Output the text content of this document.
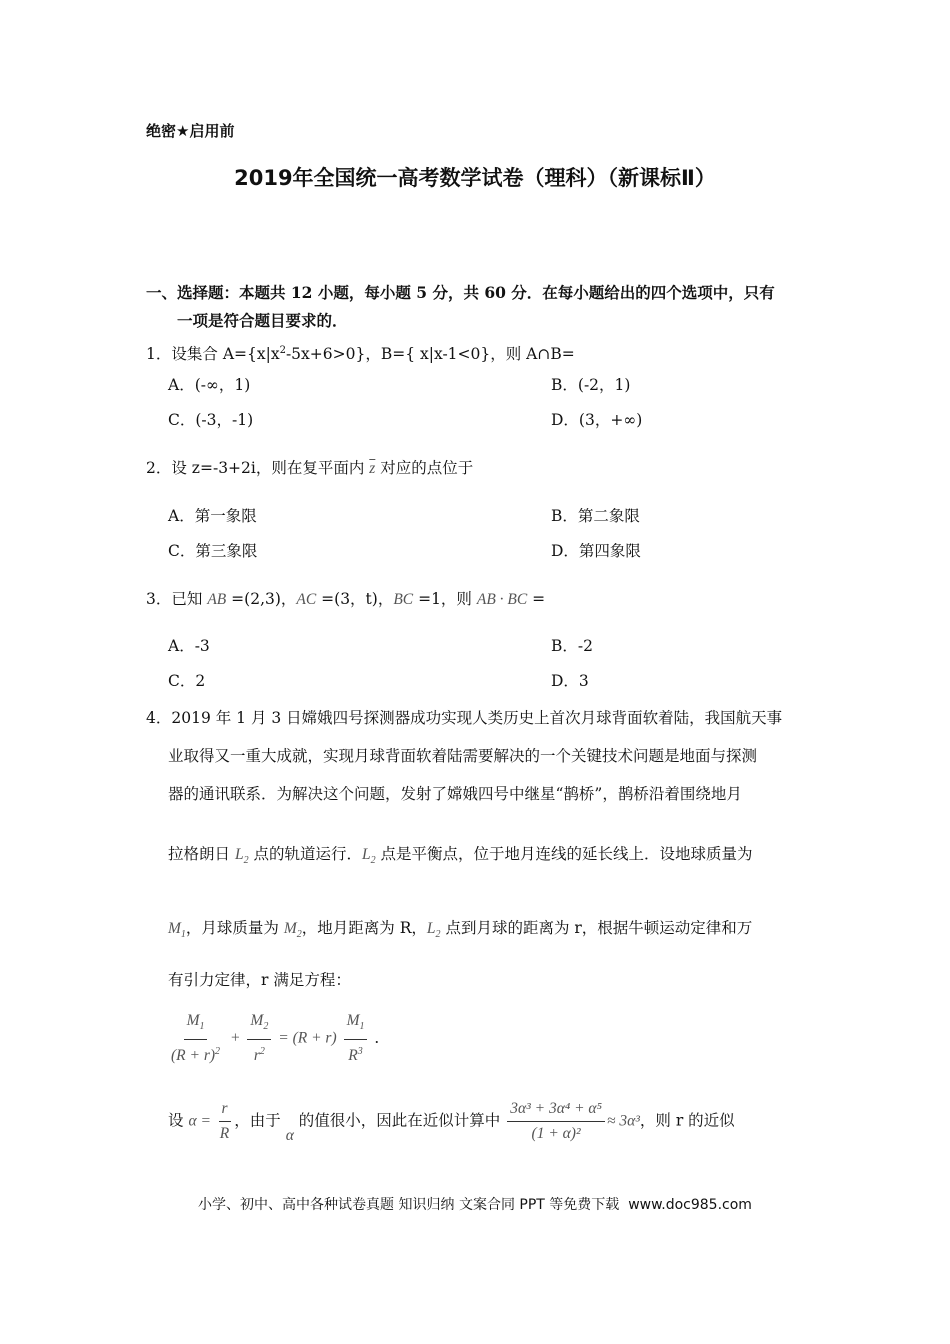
绝密★启用前
2019年全国统一高考数学试卷（理科）（新课标Ⅱ）
一、选择题：本题共 12 小题，每小题 5 分，共 60 分．在每小题给出的四个选项中，只有
一项是符合题目要求的．
1．设集合 $A=\{x|x^2-5x+6>0\}$，B={ x|x-1<0}，则 A∩B=
A．(-∞，1)	B．(-2，1)
C．(-3，-1)	D．(3，+∞)
2．设 z=-3+2i，则在复平面内 $\overline{z}$ 对应的点位于
A．第一象限	B．第二象限
C．第三象限	D．第四象限
3．已知 AB =(2,3)，AC =(3，t)，BC =1，则 AB · BC =
A．-3	B．-2
C．2	D．3
4．2019 年 1 月 3 日嫦娥四号探测器成功实现人类历史上首次月球背面软着陆，我国航天事
业取得又一重大成就，实现月球背面软着陆需要解决的一个关键技术问题是地面与探测
器的通讯联系．为解决这个问题，发射了嫦娥四号中继星“鹊桥”，鹊桥沿着围绕地月
拉格朗日 $L_2$ 点的轨道运行．$L_2$ 点是平衡点，位于地月连线的延长线上．设地球质量为
$M_1$，月球质量为 $M_2$，地月距离为 R，$L_2$ 点到月球的距离为 r，根据牛顿运动定律和万
有引力定律，r 满足方程：
$\frac{M_1}{(R + r)^2} + \frac{M_2}{r^2} = (R + r) \frac{M_1}{R^3}$ ．
设 $\alpha = \frac{r}{R}$ ，由于 α 的值很小，因此在近似计算中 $\frac{\text{3α³ + 3α⁴ + α⁵}}{\text{(1 + α)²}} \approx 3\alpha^3$，则 r 的近似
小学、初中、高中各种试卷真题 知识归纳 文案合同 PPT 等免费下载 www.doc985.com
